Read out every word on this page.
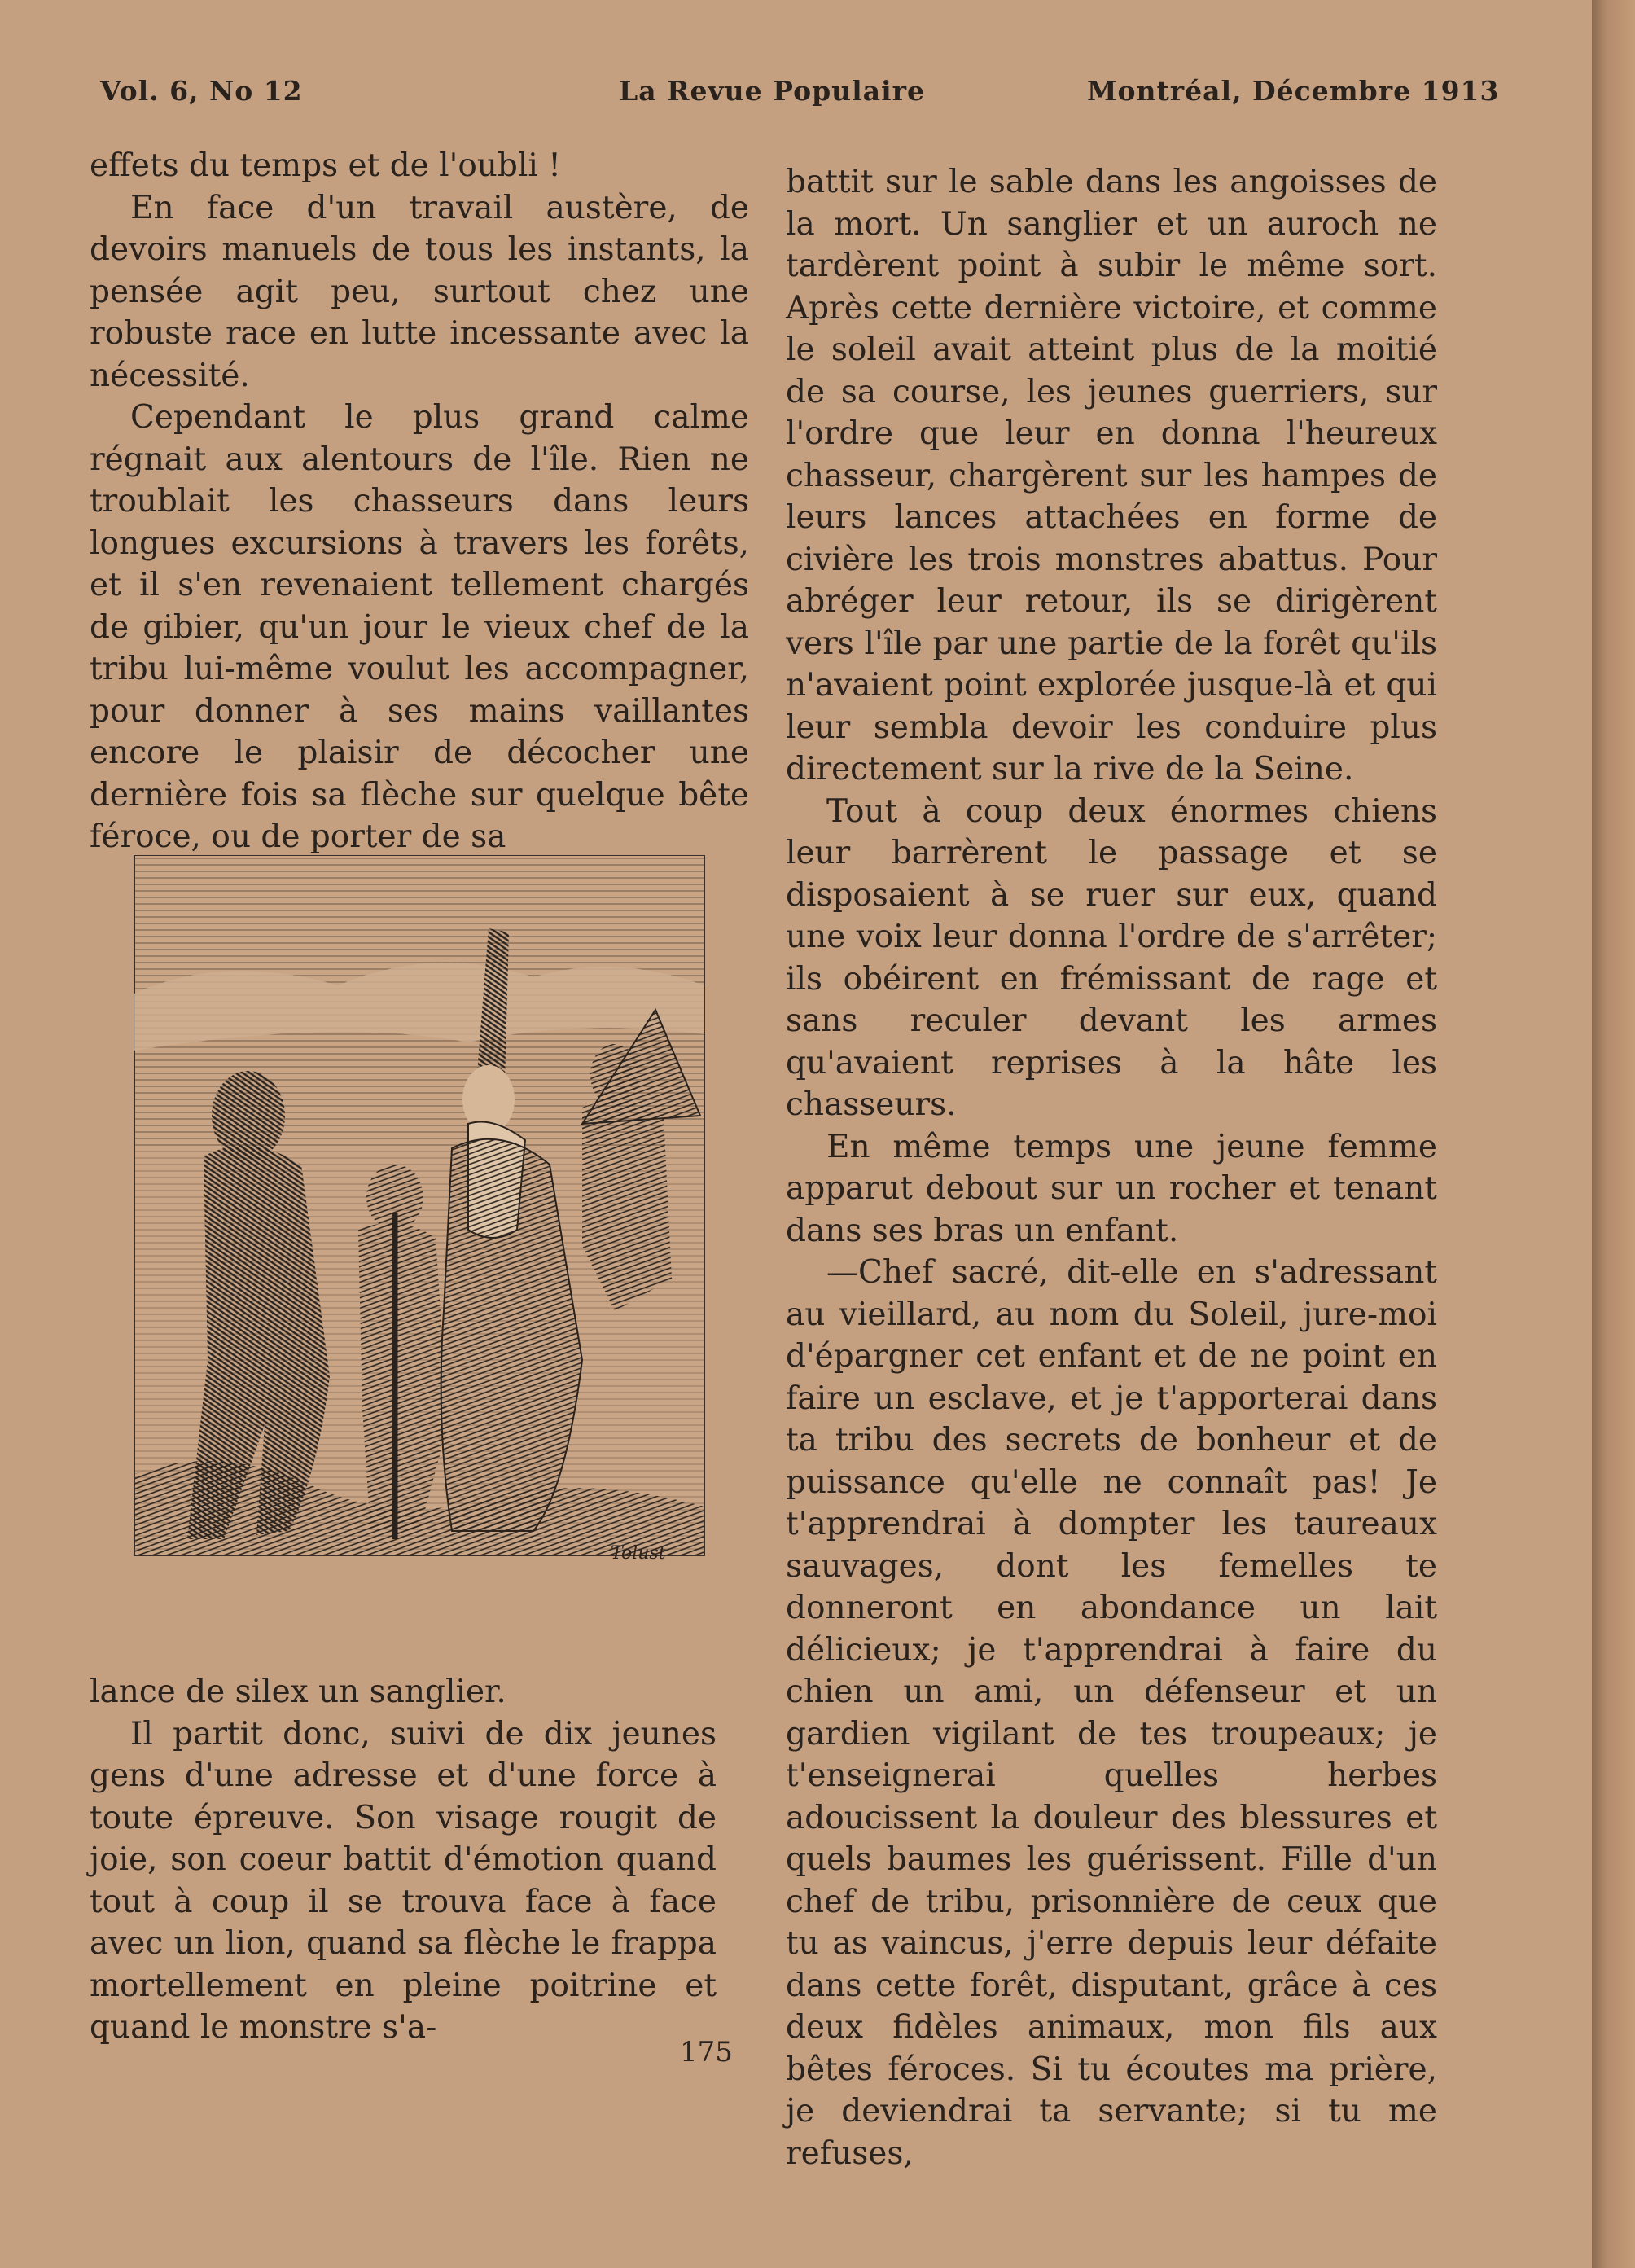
Vol. 6, No 12	La Revue Populaire	Montréal, Décembre 1913

effets du temps et de l'oubli !

En face d'un travail austère, de devoirs manuels de tous les instants, la pensée agit peu, surtout chez une robuste race en lutte incessante avec la nécessité.

Cependant le plus grand calme régnait aux alentours de l'île. Rien ne troublait les chasseurs dans leurs longues excursions à travers les forêts, et il s'en revenaient tellement chargés de gibier, qu'un jour le vieux chef de la tribu lui-même voulut les accompagner, pour donner à ses mains vaillantes encore le plaisir de décocher une dernière fois sa flèche sur quelque bête féroce, ou de porter de sa

Tolust

lance de silex un sanglier.

Il partit donc, suivi de dix jeunes gens d'une adresse et d'une force à toute épreuve. Son visage rougit de joie, son coeur battit d'émotion quand tout à coup il se trouva face à face avec un lion, quand sa flèche le frappa mortellement en pleine poitrine et quand le monstre s'a-

battit sur le sable dans les angoisses de la mort. Un sanglier et un auroch ne tardèrent point à subir le même sort. Après cette dernière victoire, et comme le soleil avait atteint plus de la moitié de sa course, les jeunes guerriers, sur l'ordre que leur en donna l'heureux chasseur, chargèrent sur les hampes de leurs lances attachées en forme de civière les trois monstres abattus. Pour abréger leur retour, ils se dirigèrent vers l'île par une partie de la forêt qu'ils n'avaient point explorée jusque-là et qui leur sembla devoir les conduire plus directement sur la rive de la Seine.

Tout à coup deux énormes chiens leur barrèrent le passage et se disposaient à se ruer sur eux, quand une voix leur donna l'ordre de s'arrêter; ils obéirent en frémissant de rage et sans reculer devant les armes qu'avaient reprises à la hâte les chasseurs.

En même temps une jeune femme apparut debout sur un rocher et tenant dans ses bras un enfant.

—Chef sacré, dit-elle en s'adressant au vieillard, au nom du Soleil, jure-moi d'épargner cet enfant et de ne point en faire un esclave, et je t'apporterai dans ta tribu des secrets de bonheur et de puissance qu'elle ne connaît pas! Je t'apprendrai à dompter les taureaux sauvages, dont les femelles te donneront en abondance un lait délicieux; je t'apprendrai à faire du chien un ami, un défenseur et un gardien vigilant de tes troupeaux; je t'enseignerai quelles herbes adoucissent la douleur des blessures et quels baumes les guérissent. Fille d'un chef de tribu, prisonnière de ceux que tu as vaincus, j'erre depuis leur défaite dans cette forêt, disputant, grâce à ces deux fidèles animaux, mon fils aux bêtes féroces. Si tu écoutes ma prière, je deviendrai ta servante; si tu me refuses,

175
